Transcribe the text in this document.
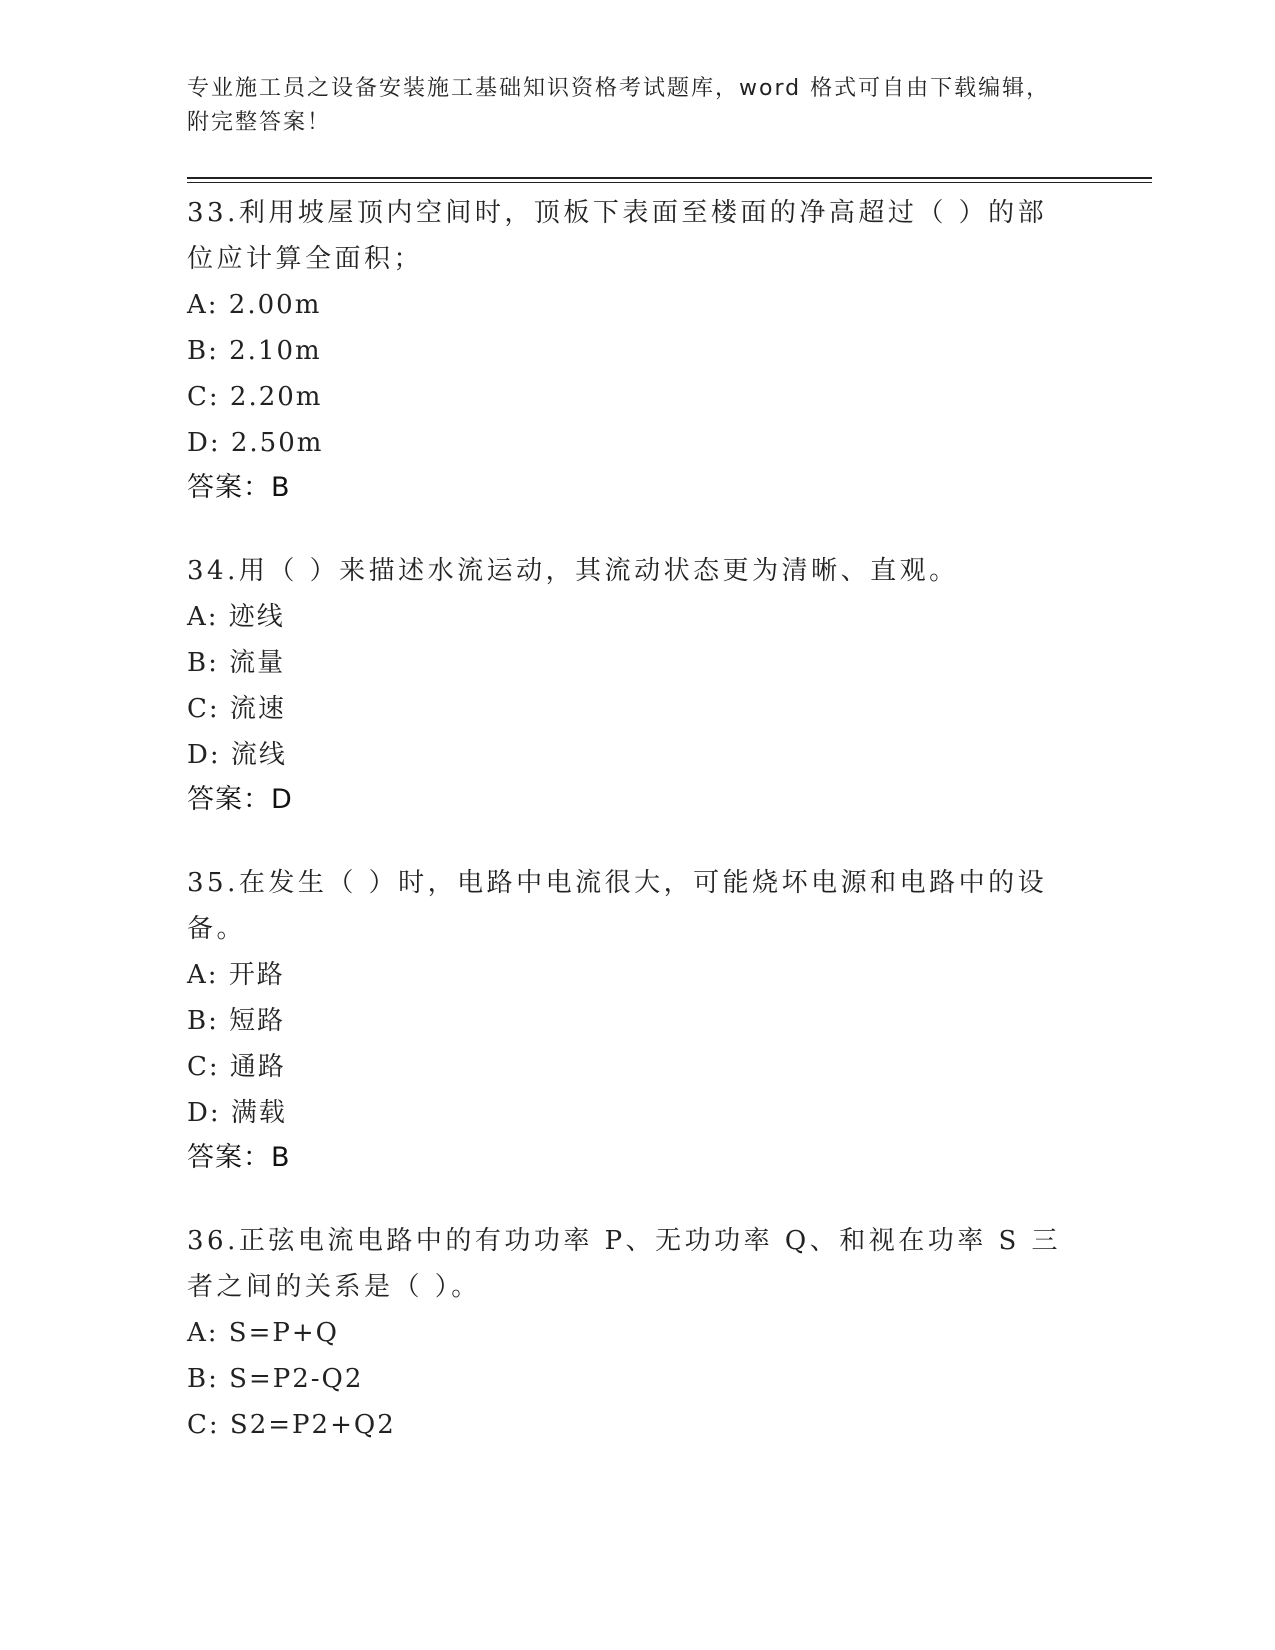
专业施工员之设备安装施工基础知识资格考试题库，word 格式可自由下载编辑，
附完整答案！

33.利用坡屋顶内空间时，顶板下表面至楼面的净高超过（ ）的部位应计算全面积；

A: 2.00m
B: 2.10m
C: 2.20m
D: 2.50m
答案：B

34.用（ ）来描述水流运动，其流动状态更为清晰、直观。

A: 迹线
B: 流量
C: 流速
D: 流线
答案：D

35.在发生（ ）时，电路中电流很大，可能烧坏电源和电路中的设备。

A: 开路
B: 短路
C: 通路
D: 满载
答案：B

36.正弦电流电路中的有功功率 P、无功功率 Q、和视在功率 S 三者之间的关系是（ ）。

A: S=P+Q
B: S=P2-Q2
C: S2=P2+Q2
